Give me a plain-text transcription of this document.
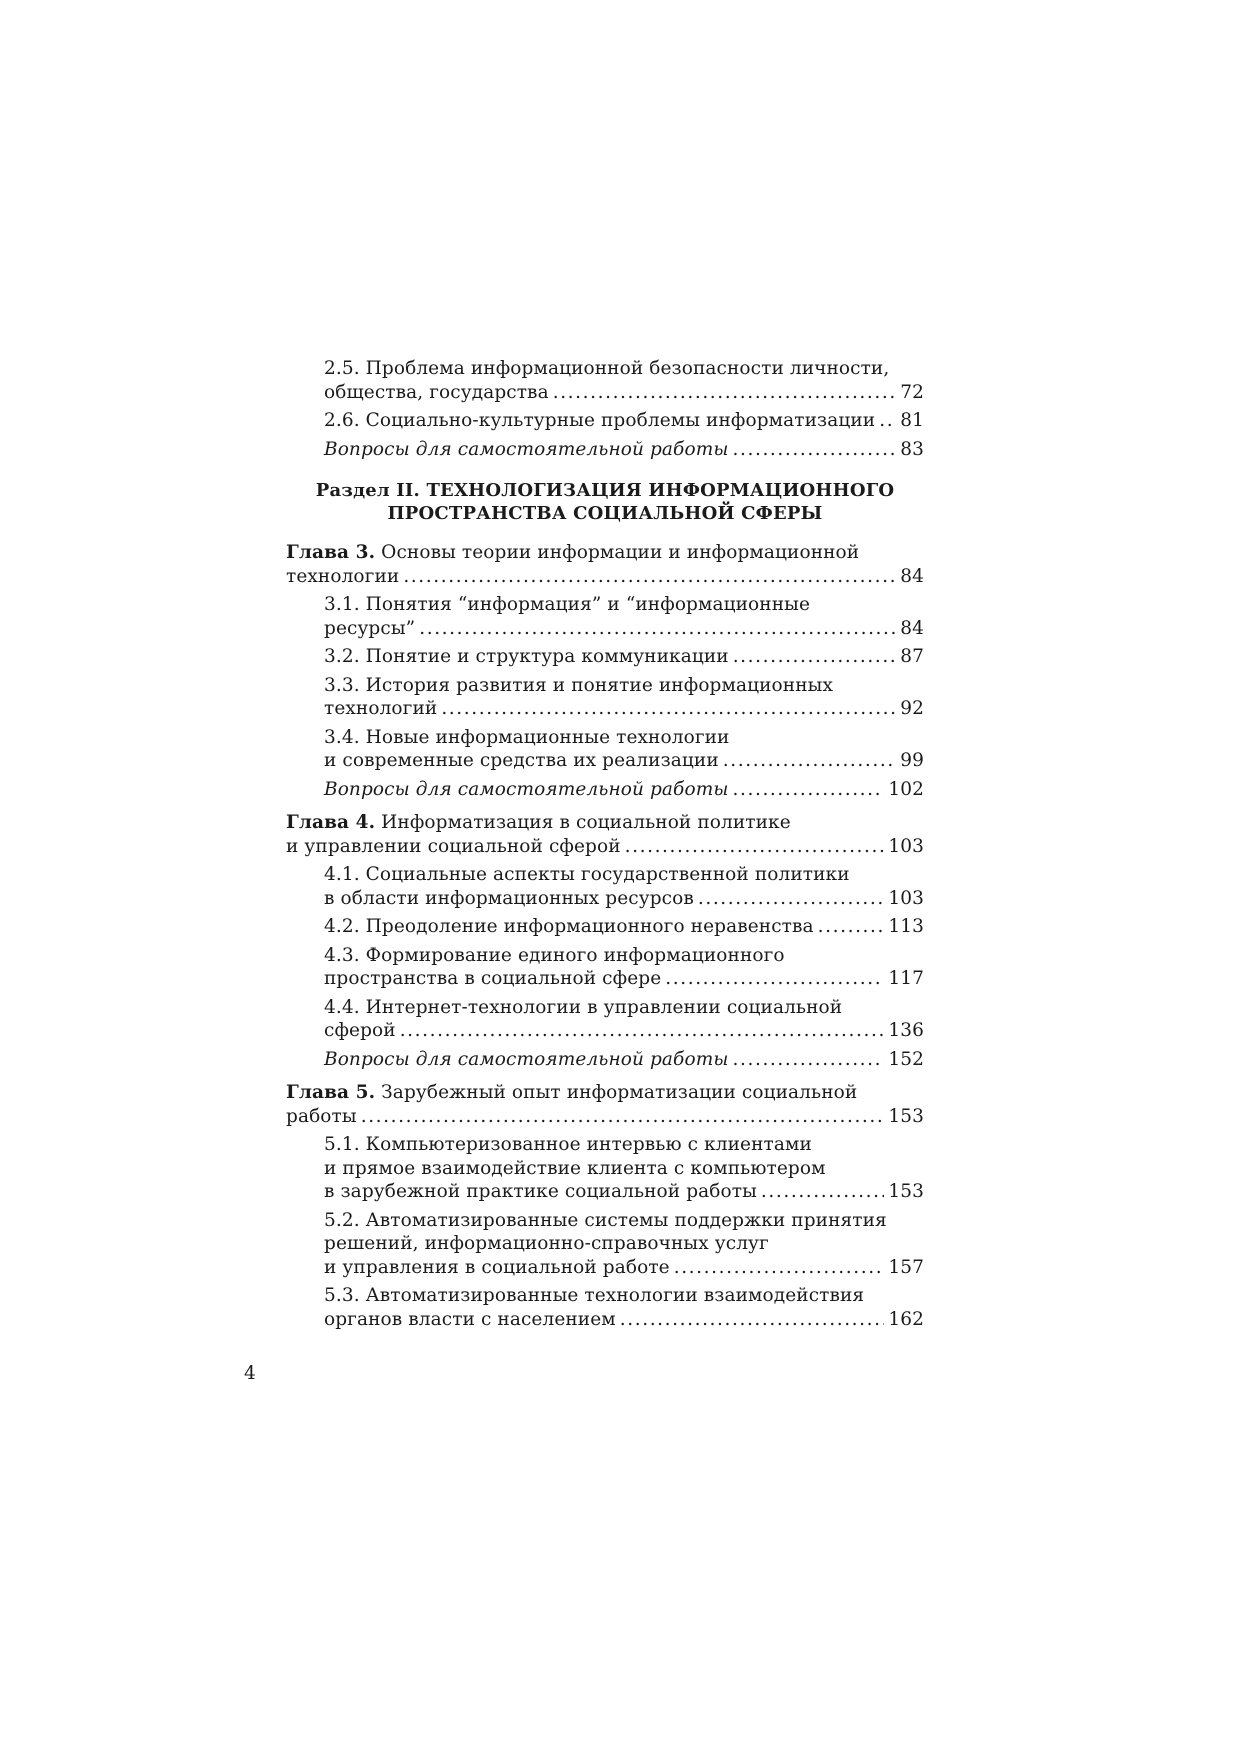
2.5. Проблема информационной безопасности личности,
общества, государства .....	72
2.6. Социально-культурные проблемы информатизации ..... 81
Вопросы для самостоятельной работы .....	83
Раздел II. ТЕХНОЛОГИЗАЦИЯ ИНФОРМАЦИОННОГО
ПРОСТРАНСТВА СОЦИАЛЬНОЙ СФЕРЫ
Глава 3. Основы теории информации и информационной
технологии .....	84
3.1. Понятия “информация” и “информационные
ресурсы” .....	84
3.2. Понятие и структура коммуникации .....	87
3.3. История развития и понятие информационных
технологий .....	92
3.4. Новые информационные технологии
и современные средства их реализации .....	99
Вопросы для самостоятельной работы .....	102
Глава 4. Информатизация в социальной политике
и управлении социальной сферой .....	103
4.1. Социальные аспекты государственной политики
в области информационных ресурсов .....	103
4.2. Преодоление информационного неравенства .....	113
4.3. Формирование единого информационного
пространства в социальной сфере .....	117
4.4. Интернет-технологии в управлении социальной
сферой .....	136
Вопросы для самостоятельной работы .....	152
Глава 5. Зарубежный опыт информатизации социальной
работы .....	153
5.1. Компьютеризованное интервью с клиентами
и прямое взаимодействие клиента с компьютером
в зарубежной практике социальной работы .....	153
5.2. Автоматизированные системы поддержки принятия
решений, информационно-справочных услуг
и управления в социальной работе .....	157
5.3. Автоматизированные технологии взаимодействия
органов власти с населением .....	162
4
